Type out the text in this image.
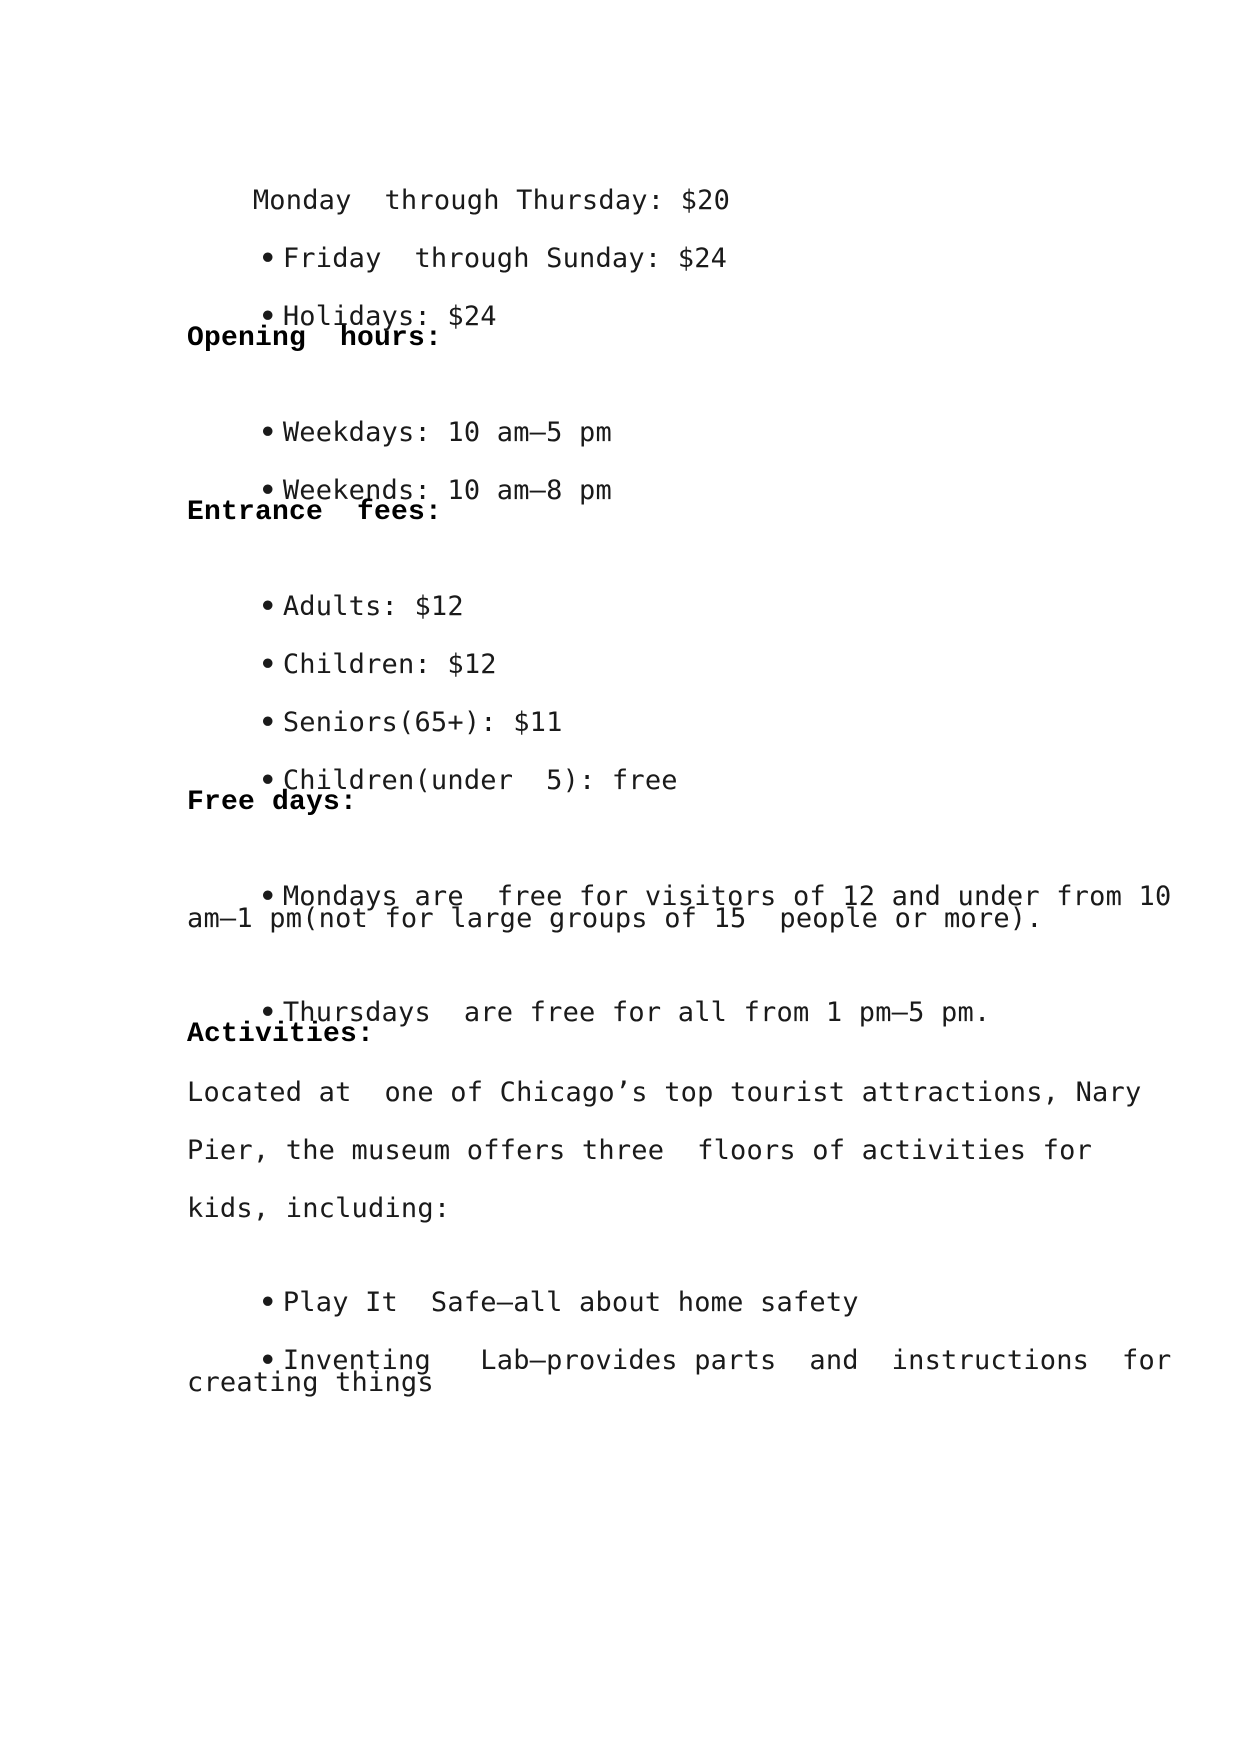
Monday  through Thursday: $20

• Friday  through Sunday: $24

• Holidays: $24

Opening  hours:

• Weekdays: 10 am—5 pm

• Weekends: 10 am—8 pm

Entrance  fees:

• Adults: $12

• Children: $12

• Seniors(65+): $11

• Children(under  5): free

Free days:

• Mondays are  free for visitors of 12 and under from 10

am—1 pm(not for large groups of 15  people or more).

• Thursdays  are free for all from 1 pm—5 pm.

Activities:
Located at  one of Chicago’s top tourist attractions, Nary
Pier, the museum offers three  floors of activities for
kids, including:

• Play It  Safe—all about home safety

• Inventing   Lab—provides parts  and  instructions  for

creating things
